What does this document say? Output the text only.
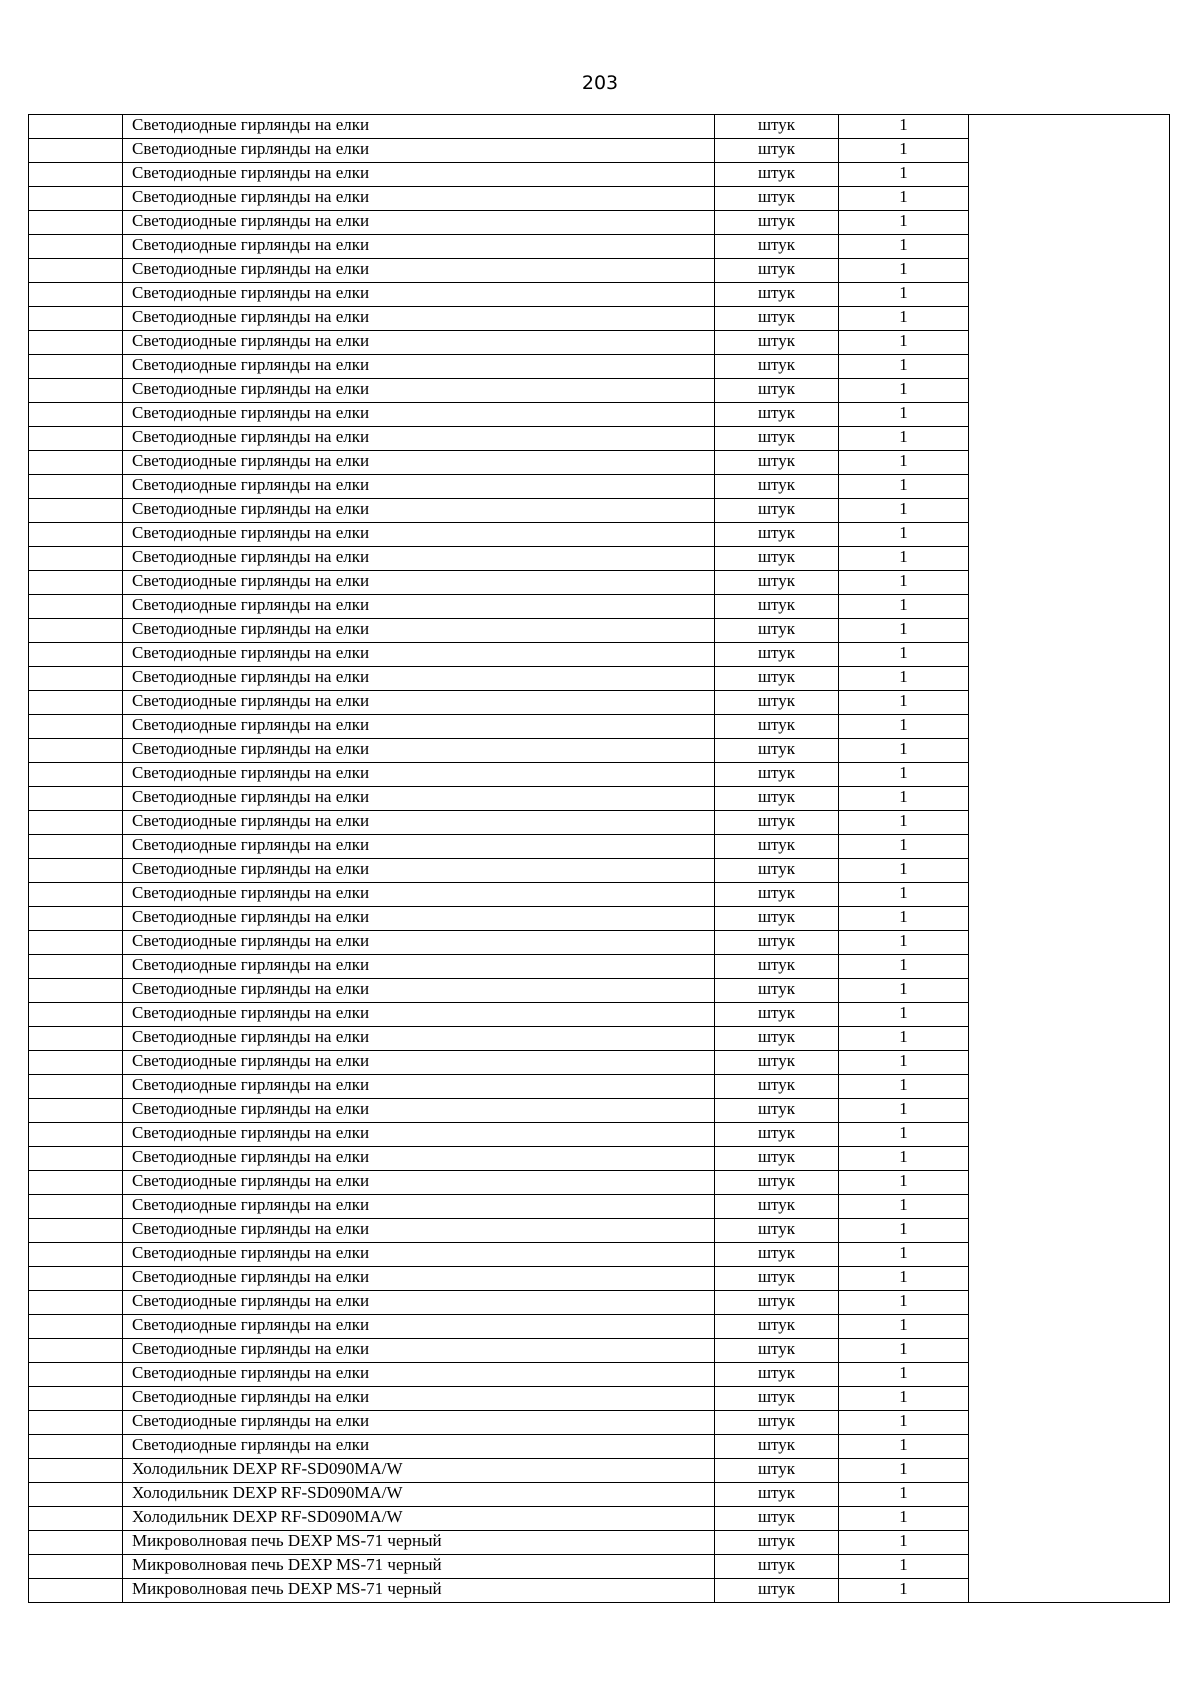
203
	Светодиодные гирлянды на елки	штук	1	
	Светодиодные гирлянды на елки	штук	1	
	Светодиодные гирлянды на елки	штук	1	
	Светодиодные гирлянды на елки	штук	1	
	Светодиодные гирлянды на елки	штук	1	
	Светодиодные гирлянды на елки	штук	1	
	Светодиодные гирлянды на елки	штук	1	
	Светодиодные гирлянды на елки	штук	1	
	Светодиодные гирлянды на елки	штук	1	
	Светодиодные гирлянды на елки	штук	1	
	Светодиодные гирлянды на елки	штук	1	
	Светодиодные гирлянды на елки	штук	1	
	Светодиодные гирлянды на елки	штук	1	
	Светодиодные гирлянды на елки	штук	1	
	Светодиодные гирлянды на елки	штук	1	
	Светодиодные гирлянды на елки	штук	1	
	Светодиодные гирлянды на елки	штук	1	
	Светодиодные гирлянды на елки	штук	1	
	Светодиодные гирлянды на елки	штук	1	
	Светодиодные гирлянды на елки	штук	1	
	Светодиодные гирлянды на елки	штук	1	
	Светодиодные гирлянды на елки	штук	1	
	Светодиодные гирлянды на елки	штук	1	
	Светодиодные гирлянды на елки	штук	1	
	Светодиодные гирлянды на елки	штук	1	
	Светодиодные гирлянды на елки	штук	1	
	Светодиодные гирлянды на елки	штук	1	
	Светодиодные гирлянды на елки	штук	1	
	Светодиодные гирлянды на елки	штук	1	
	Светодиодные гирлянды на елки	штук	1	
	Светодиодные гирлянды на елки	штук	1	
	Светодиодные гирлянды на елки	штук	1	
	Светодиодные гирлянды на елки	штук	1	
	Светодиодные гирлянды на елки	штук	1	
	Светодиодные гирлянды на елки	штук	1	
	Светодиодные гирлянды на елки	штук	1	
	Светодиодные гирлянды на елки	штук	1	
	Светодиодные гирлянды на елки	штук	1	
	Светодиодные гирлянды на елки	штук	1	
	Светодиодные гирлянды на елки	штук	1	
	Светодиодные гирлянды на елки	штук	1	
	Светодиодные гирлянды на елки	штук	1	
	Светодиодные гирлянды на елки	штук	1	
	Светодиодные гирлянды на елки	штук	1	
	Светодиодные гирлянды на елки	штук	1	
	Светодиодные гирлянды на елки	штук	1	
	Светодиодные гирлянды на елки	штук	1	
	Светодиодные гирлянды на елки	штук	1	
	Светодиодные гирлянды на елки	штук	1	
	Светодиодные гирлянды на елки	штук	1	
	Светодиодные гирлянды на елки	штук	1	
	Светодиодные гирлянды на елки	штук	1	
	Светодиодные гирлянды на елки	штук	1	
	Светодиодные гирлянды на елки	штук	1	
	Светодиодные гирлянды на елки	штук	1	
	Светодиодные гирлянды на елки	штук	1	
	Холодильник DEXP RF-SD090MA/W	штук	1	
	Холодильник DEXP RF-SD090MA/W	штук	1	
	Холодильник DEXP RF-SD090MA/W	штук	1	
	Микроволновая печь DEXP MS-71 черный	штук	1	
	Микроволновая печь DEXP MS-71 черный	штук	1	
	Микроволновая печь DEXP MS-71 черный	штук	1	
